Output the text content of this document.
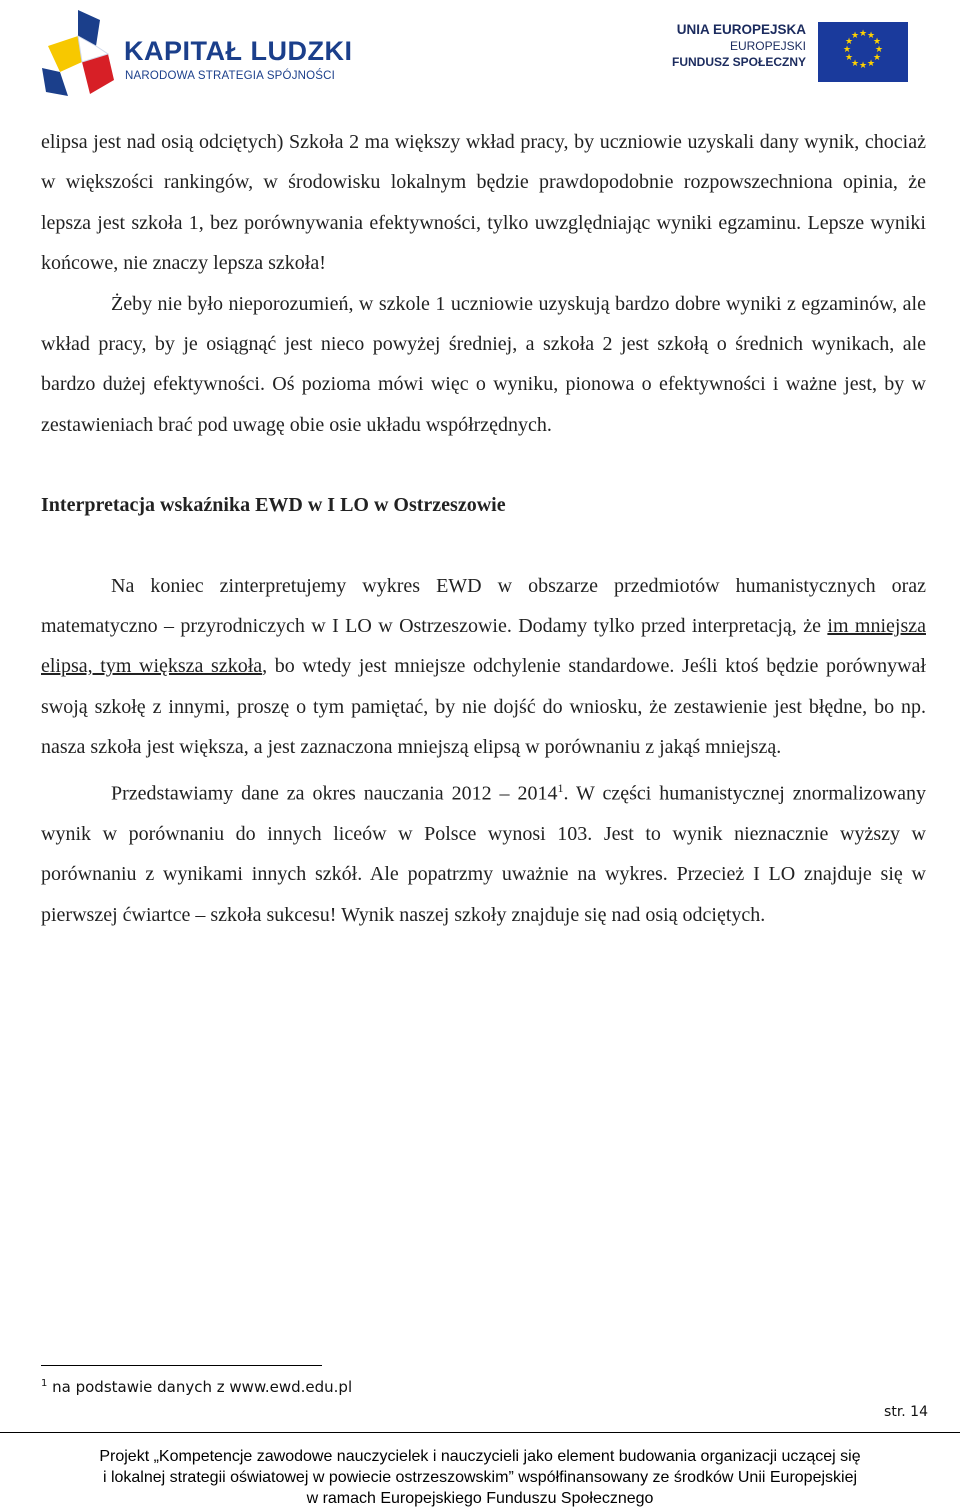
KAPITAŁ LUDZKI
NARODOWA STRATEGIA SPÓJNOŚCI
UNIA EUROPEJSKA
EUROPEJSKI
FUNDUSZ SPOŁECZNY
★ ★
★
★
★
★
★
★
★
★
★
★

elipsa jest nad osią odciętych) Szkoła 2 ma większy wkład pracy, by uczniowie uzyskali dany wynik, chociaż w większości rankingów, w środowisku lokalnym będzie prawdopodobnie rozpowszechniona opinia, że lepsza jest szkoła 1, bez porównywania efektywności, tylko uwzględniając wyniki egzaminu. Lepsze wyniki końcowe, nie znaczy lepsza szkoła!

Żeby nie było nieporozumień, w szkole 1 uczniowie uzyskują bardzo dobre wyniki z egzaminów, ale wkład pracy, by je osiągnąć jest nieco powyżej średniej, a szkoła 2 jest szkołą o średnich wynikach, ale bardzo dużej efektywności. Oś pozioma mówi więc o wyniku, pionowa o efektywności i ważne jest, by w zestawieniach brać pod uwagę obie osie układu współrzędnych.

Interpretacja wskaźnika EWD w I LO w Ostrzeszowie

Na koniec zinterpretujemy wykres EWD w obszarze przedmiotów humanistycznych oraz matematyczno – przyrodniczych w I LO w Ostrzeszowie. Dodamy tylko przed interpretacją, że im mniejsza elipsa, tym większa szkoła, bo wtedy jest mniejsze odchylenie standardowe. Jeśli ktoś będzie porównywał swoją szkołę z innymi, proszę o tym pamiętać, by nie dojść do wniosku, że zestawienie jest błędne, bo np. nasza szkoła jest większa, a jest zaznaczona mniejszą elipsą w porównaniu z jakąś mniejszą.

Przedstawiamy dane za okres nauczania 2012 – 2014$^1$. W części humanistycznej znormalizowany wynik w porównaniu do innych liceów w Polsce wynosi 103. Jest to wynik nieznacznie wyższy w porównaniu z wynikami innych szkół. Ale popatrzmy uważnie na wykres. Przecież I LO znajduje się w pierwszej ćwiartce – szkoła sukcesu! Wynik naszej szkoły znajduje się nad osią odciętych.

$^1$ na podstawie danych z www.ewd.edu.pl
str. 14
Projekt „Kompetencje zawodowe nauczycielek i nauczycieli jako element budowania organizacji uczącej się
i lokalnej strategii oświatowej w powiecie ostrzeszowskim” współfinansowany ze środków Unii Europejskiej
w ramach Europejskiego Funduszu Społecznego
